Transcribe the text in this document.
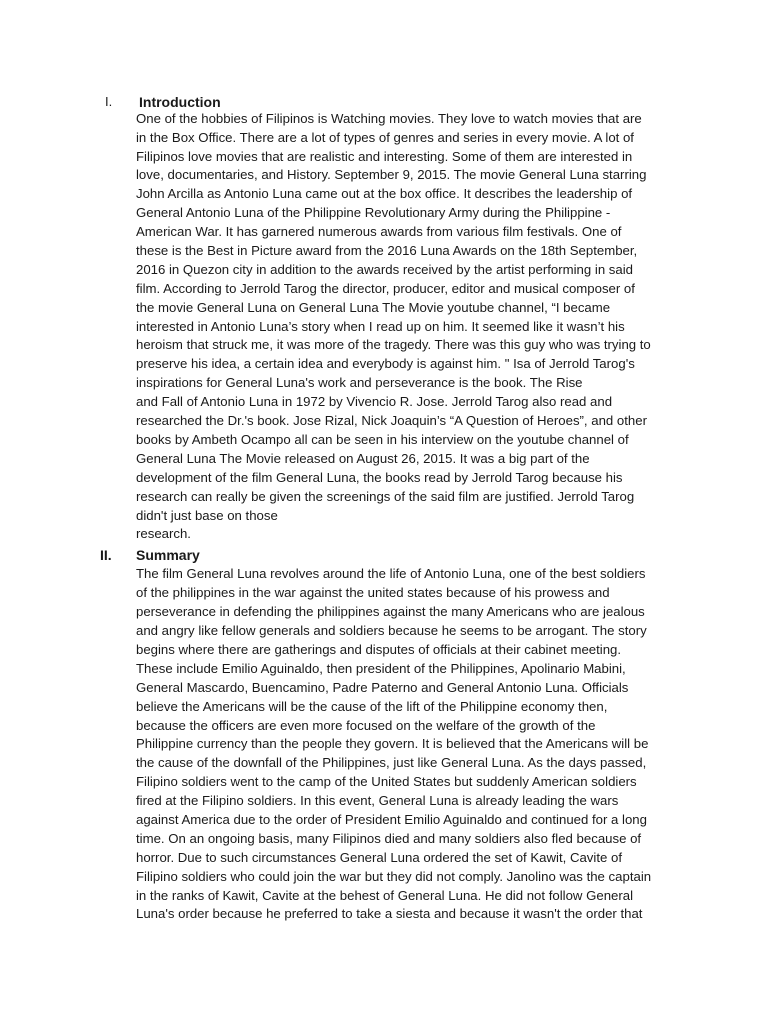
I. Introduction
One of the hobbies of Filipinos is Watching movies. They love to watch movies that are
in the Box Office. There are a lot of types of genres and series in every movie. A lot of
Filipinos love movies that are realistic and interesting. Some of them are interested in
love, documentaries, and History. September 9, 2015. The movie General Luna starring
John Arcilla as Antonio Luna came out at the box office. It describes the leadership of
General Antonio Luna of the Philippine Revolutionary Army during the Philippine -
American War. It has garnered numerous awards from various film festivals. One of
these is the Best in Picture award from the 2016 Luna Awards on the 18th September,
2016 in Quezon city in addition to the awards received by the artist performing in said
film. According to Jerrold Tarog the director, producer, editor and musical composer of
the movie General Luna on General Luna The Movie youtube channel, “I became
interested in Antonio Luna’s story when I read up on him. It seemed like it wasn’t his
heroism that struck me, it was more of the tragedy. There was this guy who was trying to
preserve his idea, a certain idea and everybody is against him. " Isa of Jerrold Tarog's
inspirations for General Luna's work and perseverance is the book. The Rise
and Fall of Antonio Luna in 1972 by Vivencio R. Jose. Jerrold Tarog also read and
researched the Dr.'s book. Jose Rizal, Nick Joaquin’s “A Question of Heroes”, and other
books by Ambeth Ocampo all can be seen in his interview on the youtube channel of
General Luna The Movie released on August 26, 2015. It was a big part of the
development of the film General Luna, the books read by Jerrold Tarog because his
research can really be given the screenings of the said film are justified. Jerrold Tarog
didn't just base on those
research.
II. Summary
The film General Luna revolves around the life of Antonio Luna, one of the best soldiers
of the philippines in the war against the united states because of his prowess and
perseverance in defending the philippines against the many Americans who are jealous
and angry like fellow generals and soldiers because he seems to be arrogant. The story
begins where there are gatherings and disputes of officials at their cabinet meeting.
These include Emilio Aguinaldo, then president of the Philippines, Apolinario Mabini,
General Mascardo, Buencamino, Padre Paterno and General Antonio Luna. Officials
believe the Americans will be the cause of the lift of the Philippine economy then,
because the officers are even more focused on the welfare of the growth of the
Philippine currency than the people they govern. It is believed that the Americans will be
the cause of the downfall of the Philippines, just like General Luna. As the days passed,
Filipino soldiers went to the camp of the United States but suddenly American soldiers
fired at the Filipino soldiers. In this event, General Luna is already leading the wars
against America due to the order of President Emilio Aguinaldo and continued for a long
time. On an ongoing basis, many Filipinos died and many soldiers also fled because of
horror. Due to such circumstances General Luna ordered the set of Kawit, Cavite of
Filipino soldiers who could join the war but they did not comply. Janolino was the captain
in the ranks of Kawit, Cavite at the behest of General Luna. He did not follow General
Luna's order because he preferred to take a siesta and because it wasn't the order that
